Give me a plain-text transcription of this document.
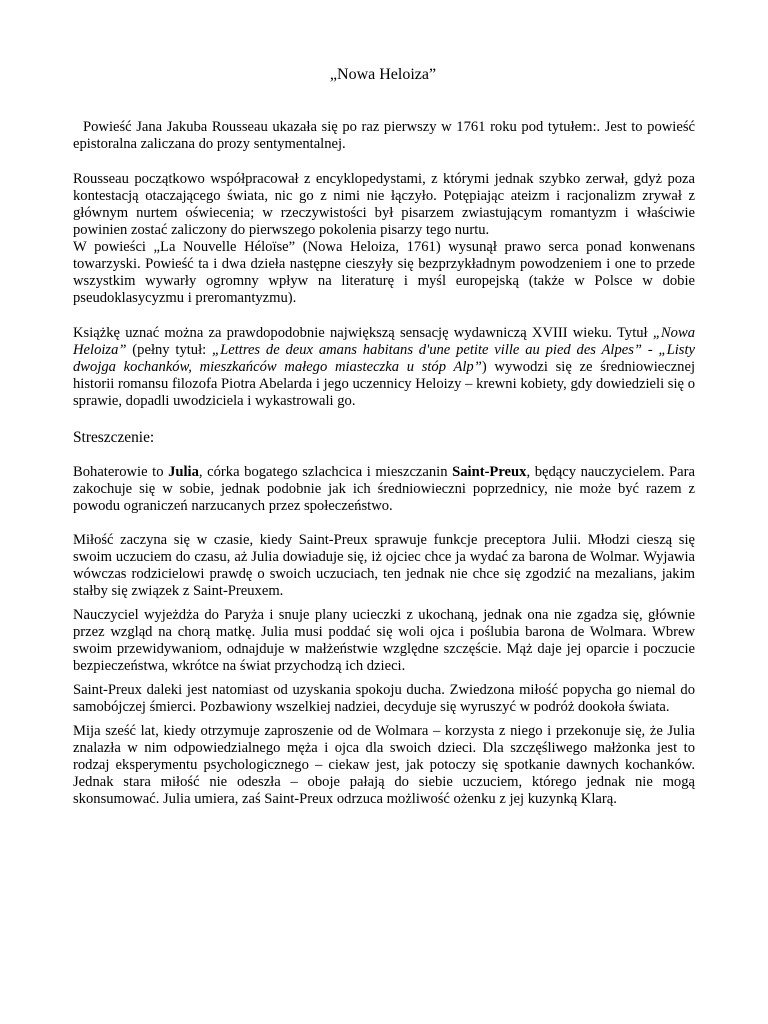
„Nowa Heloiza”

Powieść Jana Jakuba Rousseau ukazała się po raz pierwszy w 1761 roku pod tytułem:. Jest to powieść epistoralna zaliczana do prozy sentymentalnej.

Rousseau początkowo współpracował z encyklopedystami, z którymi jednak szybko zerwał, gdyż poza kontestacją otaczającego świata, nic go z nimi nie łączyło. Potępiając ateizm i racjonalizm zrywał z głównym nurtem oświecenia; w rzeczywistości był pisarzem zwiastującym romantyzm i właściwie powinien zostać zaliczony do pierwszego pokolenia pisarzy tego nurtu.

W powieści „La Nouvelle Héloïse” (Nowa Heloiza, 1761) wysunął prawo serca ponad konwenans towarzyski. Powieść ta i dwa dzieła następne cieszyły się bezprzykładnym powodzeniem i one to przede wszystkim wywarły ogromny wpływ na literaturę i myśl europejską (także w Polsce w dobie pseudoklasycyzmu i preromantyzmu).

Książkę uznać można za prawdopodobnie największą sensację wydawniczą XVIII wieku. Tytuł „Nowa Heloiza” (pełny tytuł: „Lettres de deux amans habitans d'une petite ville au pied des Alpes” - „Listy dwojga kochanków, mieszkańców małego miasteczka u stóp Alp”) wywodzi się ze średniowiecznej historii romansu filozofa Piotra Abelarda i jego uczennicy Heloizy – krewni kobiety, gdy dowiedzieli się o sprawie, dopadli uwodziciela i wykastrowali go.

Streszczenie:

Bohaterowie to Julia, córka bogatego szlachcica i mieszczanin Saint-Preux, będący nauczycielem. Para zakochuje się w sobie, jednak podobnie jak ich średniowieczni poprzednicy, nie może być razem z powodu ograniczeń narzucanych przez społeczeństwo.

Miłość zaczyna się w czasie, kiedy Saint-Preux sprawuje funkcje preceptora Julii. Młodzi cieszą się swoim uczuciem do czasu, aż Julia dowiaduje się, iż ojciec chce ja wydać za barona de Wolmar. Wyjawia wówczas rodzicielowi prawdę o swoich uczuciach, ten jednak nie chce się zgodzić na mezalians, jakim stałby się związek z Saint-Preuxem.

Nauczyciel wyjeżdża do Paryża i snuje plany ucieczki z ukochaną, jednak ona nie zgadza się, głównie przez wzgląd na chorą matkę. Julia musi poddać się woli ojca i poślubia barona de Wolmara. Wbrew swoim przewidywaniom, odnajduje w małżeństwie względne szczęście. Mąż daje jej oparcie i poczucie bezpieczeństwa, wkrótce na świat przychodzą ich dzieci.

Saint-Preux daleki jest natomiast od uzyskania spokoju ducha. Zwiedzona miłość popycha go niemal do samobójczej śmierci. Pozbawiony wszelkiej nadziei, decyduje się wyruszyć w podróż dookoła świata.

Mija sześć lat, kiedy otrzymuje zaproszenie od de Wolmara – korzysta z niego i przekonuje się, że Julia znalazła w nim odpowiedzialnego męża i ojca dla swoich dzieci. Dla szczęśliwego małżonka jest to rodzaj eksperymentu psychologicznego – ciekaw jest, jak potoczy się spotkanie dawnych kochanków. Jednak stara miłość nie odeszła – oboje pałają do siebie uczuciem, którego jednak nie mogą skonsumować. Julia umiera, zaś Saint-Preux odrzuca możliwość ożenku z jej kuzynką Klarą.
